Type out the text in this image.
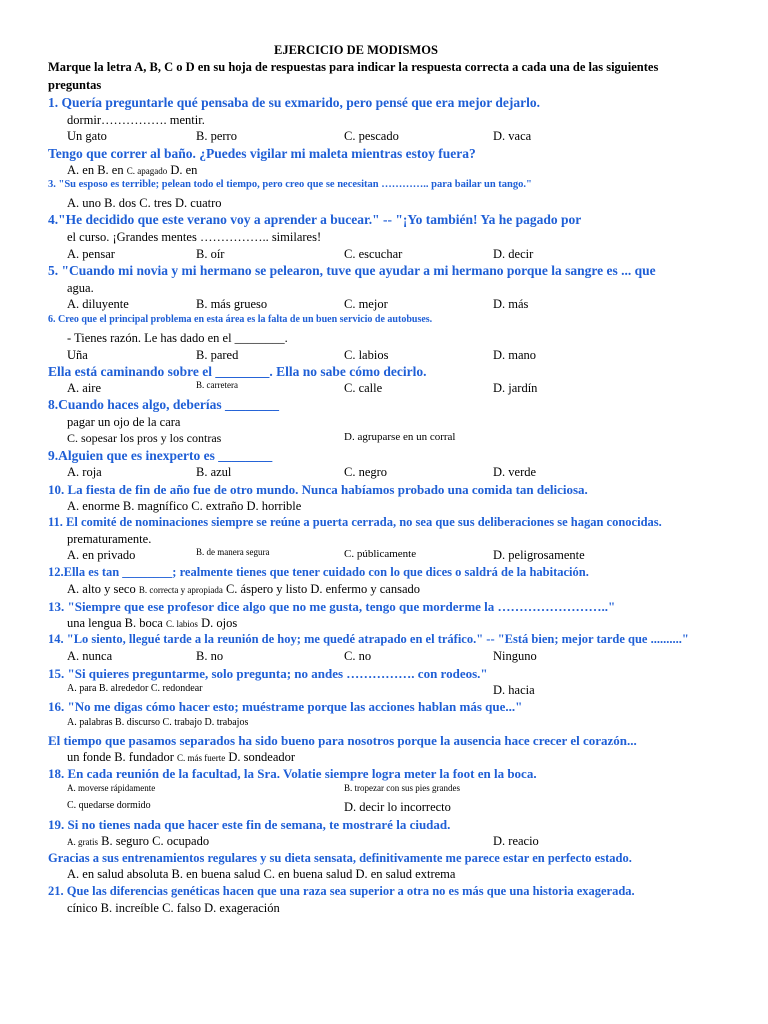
EJERCICIO DE MODISMOS
Marque la letra A, B, C o D en su hoja de respuestas para indicar la respuesta correcta a cada una de las siguientes
preguntas
1. Quería preguntarle qué pensaba de su exmarido, pero pensé que era mejor dejarlo.
dormir……………. mentir.
Un gato	B. perro	C. pescado	D. vaca
Tengo que correr al baño. ¿Puedes vigilar mi maleta mientras estoy fuera?
A. en B. en C. apagado D. en
3. "Su esposo es terrible; pelean todo el tiempo, pero creo que se necesitan ………….. para bailar un tango."
A. uno B. dos C. tres D. cuatro
4."He decidido que este verano voy a aprender a bucear." -- "¡Yo también! Ya he pagado por
el curso. ¡Grandes mentes …………….. similares!
A. pensar	B. oír	C. escuchar	D. decir
5. "Cuando mi novia y mi hermano se pelearon, tuve que ayudar a mi hermano porque la sangre es ... que
agua.
A. diluyente	B. más grueso	C. mejor	D. más
6. Creo que el principal problema en esta área es la falta de un buen servicio de autobuses.
- Tienes razón. Le has dado en el ________.
Uña	B. pared	C. labios	D. mano
Ella está caminando sobre el ________. Ella no sabe cómo decirlo.
A. aire	B. carretera	C. calle	D. jardín
8.Cuando haces algo, deberías ________
pagar un ojo de la cara
C. sopesar los pros y los contras	D. agruparse en un corral
9.Alguien que es inexperto es ________
A. roja	B. azul	C. negro	D. verde
10. La fiesta de fin de año fue de otro mundo. Nunca habíamos probado una comida tan deliciosa.
A. enorme B. magnífico C. extraño D. horrible
11. El comité de nominaciones siempre se reúne a puerta cerrada, no sea que sus deliberaciones se hagan conocidas.
prematuramente.
A. en privado	B. de manera segura	C. públicamente	D. peligrosamente
12.Ella es tan ________; realmente tienes que tener cuidado con lo que dices o saldrá de la habitación.
A. alto y seco B. correcta y apropiada C. áspero y listo D. enfermo y cansado
13. "Siempre que ese profesor dice algo que no me gusta, tengo que morderme la …………………….."
una lengua B. boca C. labios D. ojos
14. "Lo siento, llegué tarde a la reunión de hoy; me quedé atrapado en el tráfico." -- "Está bien; mejor tarde que .........."
A. nunca	B. no	C. no	Ninguno
15. "Si quieres preguntarme, solo pregunta; no andes ……………. con rodeos."
A. para B. alrededor C. redondear	D. hacia
16. "No me digas cómo hacer esto; muéstrame porque las acciones hablan más que..."
A. palabras B. discurso C. trabajo D. trabajos
El tiempo que pasamos separados ha sido bueno para nosotros porque la ausencia hace crecer el corazón...
un fonde B. fundador C. más fuerte D. sondeador
18. En cada reunión de la facultad, la Sra. Volatie siempre logra meter la foot en la boca.
A. moverse rápidamente	B. tropezar con sus pies grandes
C. quedarse dormido	D. decir lo incorrecto
19. Si no tienes nada que hacer este fin de semana, te mostraré la ciudad.
A. gratis B. seguro C. ocupado	D. reacio
Gracias a sus entrenamientos regulares y su dieta sensata, definitivamente me parece estar en perfecto estado.
A. en salud absoluta B. en buena salud C. en buena salud D. en salud extrema
21. Que las diferencias genéticas hacen que una raza sea superior a otra no es más que una historia exagerada.
cínico B. increíble C. falso D. exageración
